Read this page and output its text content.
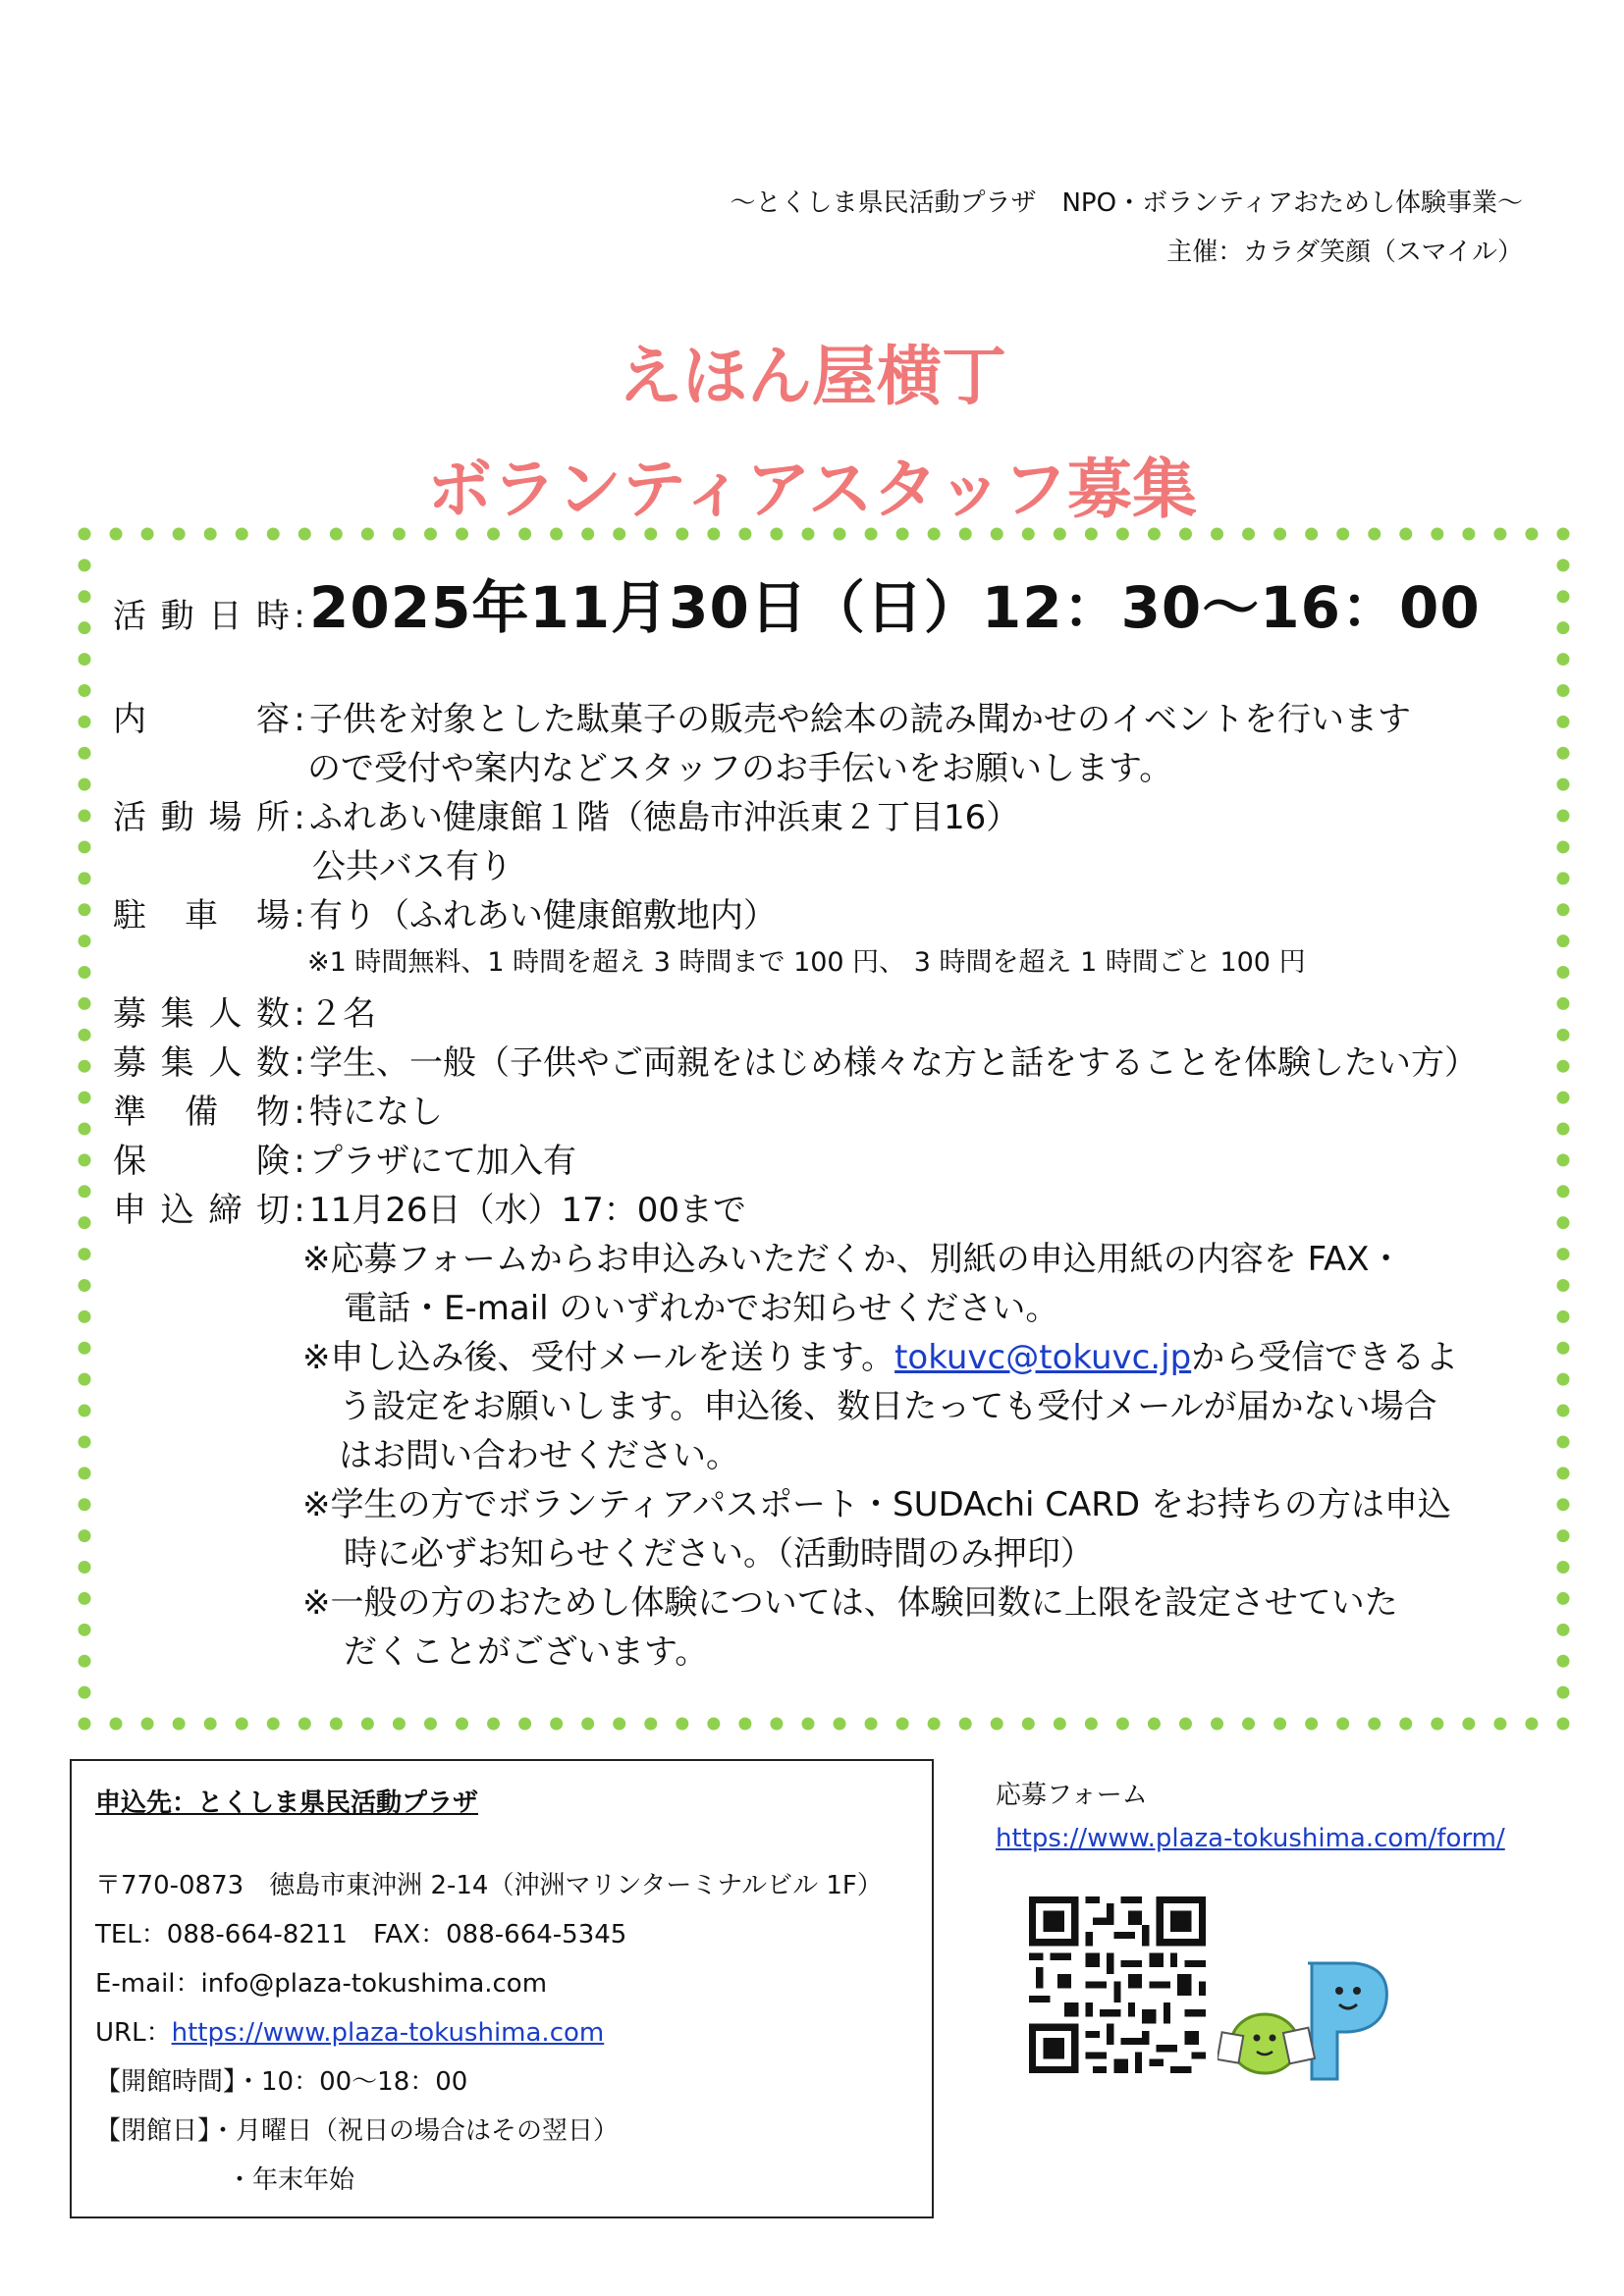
～とくしま県民活動プラザ　NPO・ボランティアおためし体験事業～
主催：カラダ笑顔（スマイル）
えほん屋横丁
ボランティアスタッフ募集
活動日時 : 2025年11月30日（日）12：30～16：00
内　容 : 子供を対象とした駄菓子の販売や絵本の読み聞かせのイベントを行います
ので受付や案内などスタッフのお手伝いをお願いします。
活動場所 : ふれあい健康館１階（徳島市沖浜東２丁目16）
公共バス有り
駐 車 場 : 有り（ふれあい健康館敷地内）
※1 時間無料、1 時間を超え 3 時間まで 100 円、 3 時間を超え 1 時間ごと 100 円
募集人数 : ２名
募集人数 : 学生、一般（子供やご両親をはじめ様々な方と話をすることを体験したい方）
準 備 物 : 特になし
保　険 : プラザにて加入有
申込締切 : 11月26日（水）17：00まで
※応募フォームからお申込みいただくか、別紙の申込用紙の内容を FAX・
電話・E-mail のいずれかでお知らせください。
※申し込み後、受付メールを送ります。tokuvc@tokuvc.jpから受信できるよ
う設定をお願いします。申込後、数日たっても受付メールが届かない場合
はお問い合わせください。
※学生の方でボランティアパスポート・SUDAchi CARD をお持ちの方は申込
時に必ずお知らせください。（活動時間のみ押印）
※一般の方のおためし体験については、体験回数に上限を設定させていた
だくことがございます。
申込先：とくしま県民活動プラザ
〒770-0873　徳島市東沖洲 2-14（沖洲マリンターミナルビル 1F）
TEL：088-664-8211　FAX：088-664-5345
E-mail：info@plaza-tokushima.com
URL：https://www.plaza-tokushima.com
【開館時間】・10：00～18：00
【閉館日】・月曜日（祝日の場合はその翌日）
・年末年始
応募フォーム
https://www.plaza-tokushima.com/form/
